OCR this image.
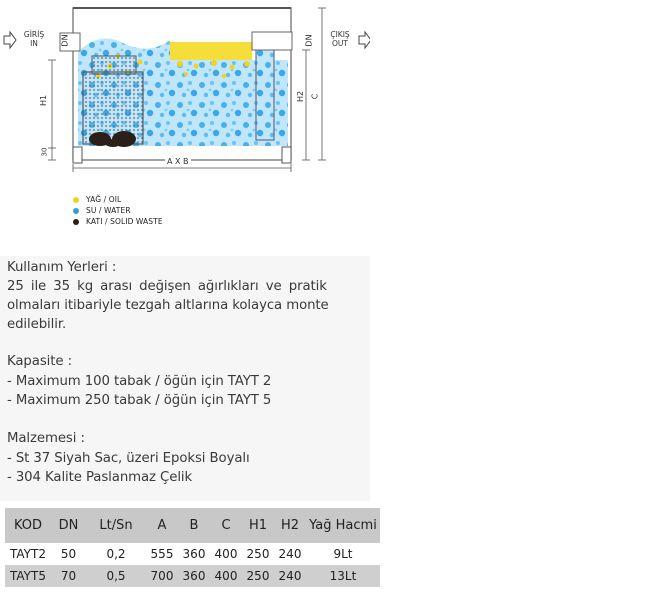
GİRİŞ
IN
ÇIKIŞ
OUT
DN	DN
H1	H2 C
30
A X B
YAĞ / OIL
SU / WATER
KATI / SOLID WASTE
Kullanım Yerleri :
25 ile 35 kg arası değişen ağırlıkları ve pratik
olmaları itibariyle tezgah altlarına kolayca monte
edilebilir.
Kapasite :
- Maximum 100 tabak / öğün için TAYT 2
- Maximum 250 tabak / öğün için TAYT 5
Malzemesi :
- St 37 Siyah Sac, üzeri Epoksi Boyalı
- 304 Kalite Paslanmaz Çelik
KOD	DN	Lt/Sn	A	B	C	H1	H2	Yağ Hacmi
TAYT2	50	0,2	555	360	400	250	240	9Lt
TAYT5	70	0,5	700	360	400	250	240	13Lt
